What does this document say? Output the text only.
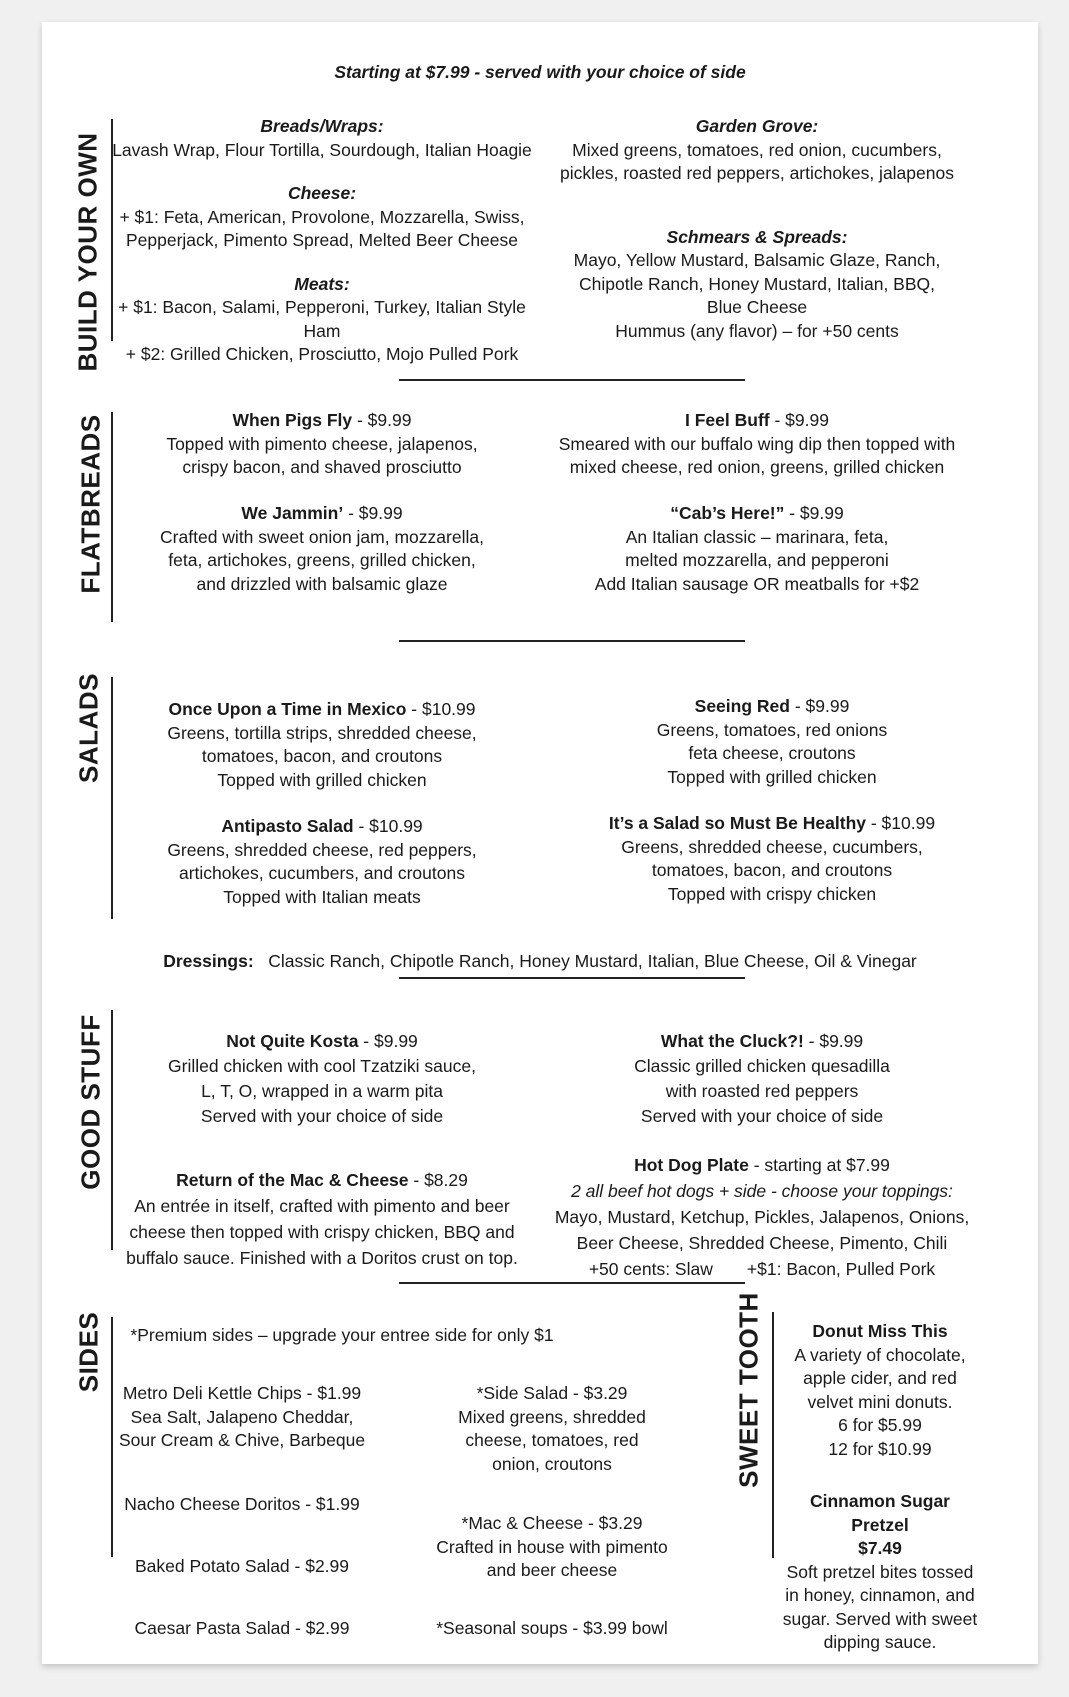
Starting at $7.99 - served with your choice of side
BUILD YOUR OWN
Breads/Wraps:
Lavash Wrap, Flour Tortilla, Sourdough, Italian Hoagie
Cheese:
+ $1: Feta, American, Provolone, Mozzarella, Swiss,
Pepperjack, Pimento Spread, Melted Beer Cheese
Meats:
+ $1: Bacon, Salami, Pepperoni, Turkey, Italian Style Ham
+ $2: Grilled Chicken, Prosciutto, Mojo Pulled Pork
Garden Grove:
Mixed greens, tomatoes, red onion, cucumbers,
pickles, roasted red peppers, artichokes, jalapenos
Schmears & Spreads:
Mayo, Yellow Mustard, Balsamic Glaze, Ranch,
Chipotle Ranch, Honey Mustard, Italian, BBQ,
Blue Cheese
Hummus (any flavor) – for +50 cents
FLATBREADS	When Pigs Fly - $9.99
Topped with pimento cheese, jalapenos,
crispy bacon, and shaved prosciutto
We Jammin’ - $9.99
Crafted with sweet onion jam, mozzarella,
feta, artichokes, greens, grilled chicken,
and drizzled with balsamic glaze
I Feel Buff - $9.99
Smeared with our buffalo wing dip then topped with
mixed cheese, red onion, greens, grilled chicken
“Cab’s Here!” - $9.99
An Italian classic – marinara, feta,
melted mozzarella, and pepperoni
Add Italian sausage OR meatballs for +$2
SALADS	Once Upon a Time in Mexico - $10.99
Greens, tortilla strips, shredded cheese,
tomatoes, bacon, and croutons
Topped with grilled chicken
Antipasto Salad - $10.99
Greens, shredded cheese, red peppers,
artichokes, cucumbers, and croutons
Topped with Italian meats
Seeing Red - $9.99
Greens, tomatoes, red onions
feta cheese, croutons
Topped with grilled chicken
It’s a Salad so Must Be Healthy - $10.99
Greens, shredded cheese, cucumbers,
tomatoes, bacon, and croutons
Topped with crispy chicken
Dressings: Classic Ranch, Chipotle Ranch, Honey Mustard, Italian, Blue Cheese, Oil & Vinegar
GOOD STUFF	Not Quite Kosta - $9.99
Grilled chicken with cool Tzatziki sauce,
L, T, O, wrapped in a warm pita
Served with your choice of side
What the Cluck?! - $9.99
Classic grilled chicken quesadilla
with roasted red peppers
Served with your choice of side
Return of the Mac & Cheese - $8.29
An entrée in itself, crafted with pimento and beer
cheese then topped with crispy chicken, BBQ and
buffalo sauce. Finished with a Doritos crust on top.
Hot Dog Plate - starting at $7.99
2 all beef hot dogs + side - choose your toppings:
Mayo, Mustard, Ketchup, Pickles, Jalapenos, Onions,
Beer Cheese, Shredded Cheese, Pimento, Chili
+50 cents: Slaw +$1: Bacon, Pulled Pork
SIDES	*Premium sides – upgrade your entree side for only $1
Metro Deli Kettle Chips - $1.99
Sea Salt, Jalapeno Cheddar,
Sour Cream & Chive, Barbeque
Nacho Cheese Doritos - $1.99
Baked Potato Salad - $2.99
Caesar Pasta Salad - $2.99
*Side Salad - $3.29
Mixed greens, shredded
cheese, tomatoes, red
onion, croutons
*Mac & Cheese - $3.29
Crafted in house with pimento
and beer cheese
*Seasonal soups - $3.99 bowl
SWEET TOOTH	Donut Miss This
A variety of chocolate,
apple cider, and red
velvet mini donuts.
6 for $5.99
12 for $10.99
Cinnamon Sugar Pretzel
$7.49
Soft pretzel bites tossed
in honey, cinnamon, and
sugar. Served with sweet
dipping sauce.
